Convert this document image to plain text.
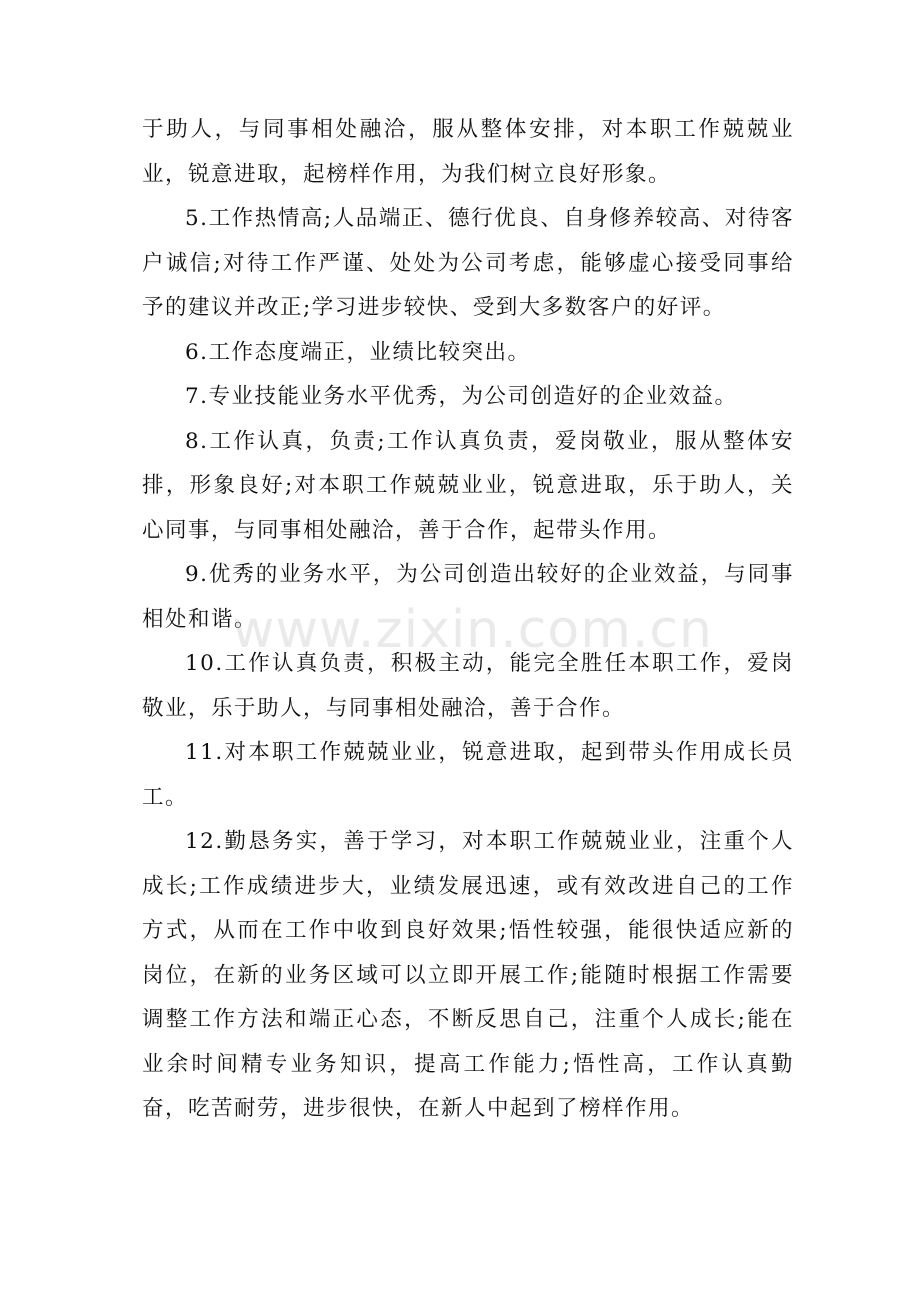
于助人，与同事相处融洽，服从整体安排，对本职工作兢兢业业，锐意进取，起榜样作用，为我们树立良好形象。

5.工作热情高;人品端正、德行优良、自身修养较高、对待客户诚信;对待工作严谨、处处为公司考虑，能够虚心接受同事给予的建议并改正;学习进步较快、受到大多数客户的好评。

6.工作态度端正，业绩比较突出。

7.专业技能业务水平优秀，为公司创造好的企业效益。

8.工作认真，负责;工作认真负责，爱岗敬业，服从整体安排，形象良好;对本职工作兢兢业业，锐意进取，乐于助人，关心同事，与同事相处融洽，善于合作，起带头作用。

9.优秀的业务水平，为公司创造出较好的企业效益，与同事相处和谐。

10.工作认真负责，积极主动，能完全胜任本职工作，爱岗敬业，乐于助人，与同事相处融洽，善于合作。

11.对本职工作兢兢业业，锐意进取，起到带头作用成长员工。

12.勤恳务实，善于学习，对本职工作兢兢业业，注重个人成长;工作成绩进步大，业绩发展迅速，或有效改进自己的工作方式，从而在工作中收到良好效果;悟性较强，能很快适应新的岗位，在新的业务区域可以立即开展工作;能随时根据工作需要调整工作方法和端正心态，不断反思自己，注重个人成长;能在业余时间精专业务知识，提高工作能力;悟性高，工作认真勤奋，吃苦耐劳，进步很快，在新人中起到了榜样作用。

www.zixin.com.cn
